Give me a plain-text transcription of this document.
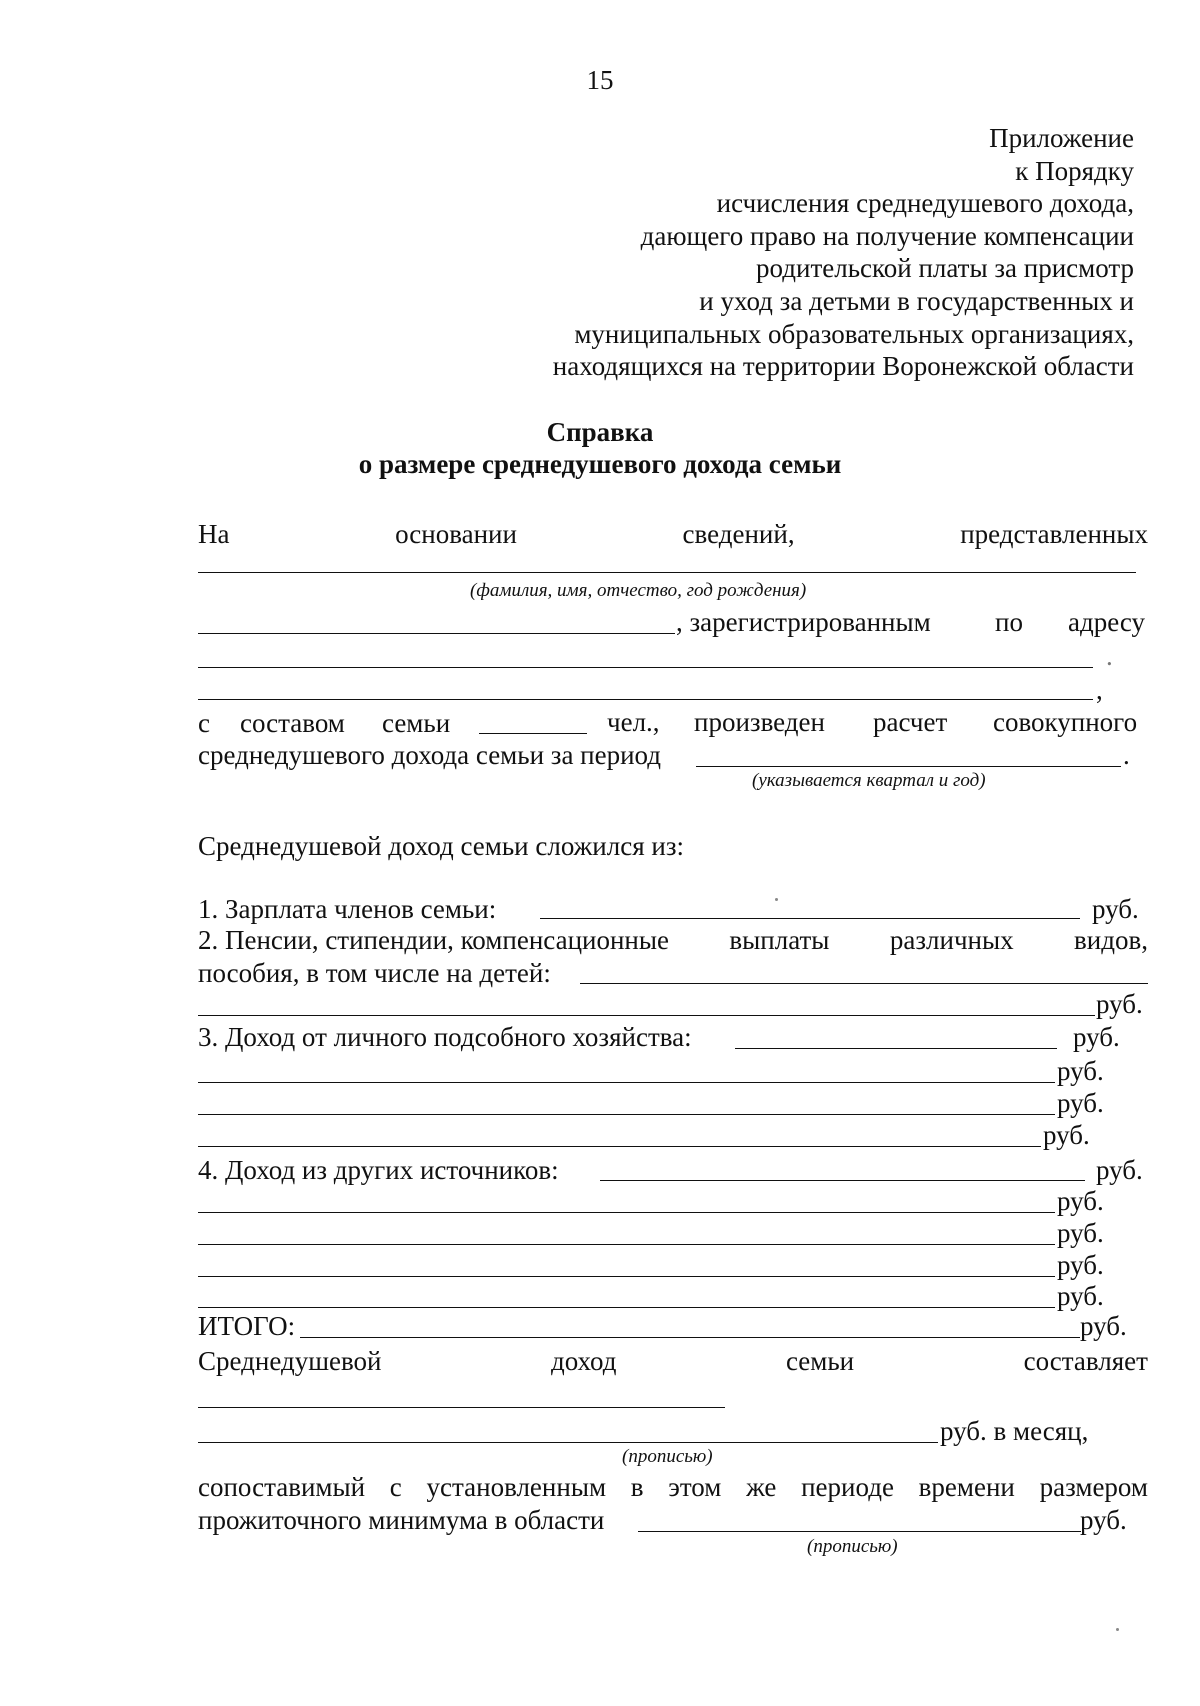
15
Приложение
к Порядку
исчисления среднедушевого дохода,
дающего право на получение компенсации
родительской платы за присмотр
и уход за детьми в государственных и
муниципальных образовательных организациях,
находящихся на территории Воронежской области
Справка
о размере среднедушевого дохода семьи
На	основании	сведений,	представленных
(фамилия, имя, отчество, год рождения)
, зарегистрированным по адресу
.
,
с составом семьи	чел., произведен расчет совокупного
среднедушевого дохода семьи за период	.
(указывается квартал и год)
Среднедушевой доход семьи сложился из:
1. Зарплата членов семьи:	руб.
2. Пенсии, стипендии, компенсационные выплаты различных видов,
пособия, в том числе на детей:
руб.
3. Доход от личного подсобного хозяйства:	руб.
руб.
руб.
руб.
4. Доход из других источников:	руб.
руб.
руб.
руб.
руб.
ИТОГО:	руб.
Среднедушевой	доход	семьи	составляет
руб. в месяц,
(прописью)
сопоставимый с установленным в этом же периоде времени размером
прожиточного минимума в области	руб.
(прописью)
